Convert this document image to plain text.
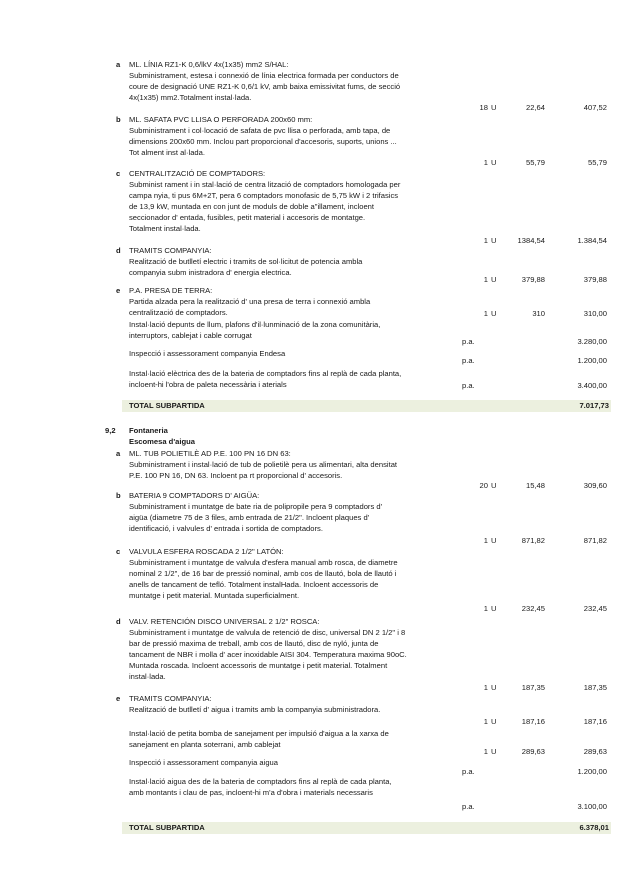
a	ML. LÍNIA RZ1-K 0,6/lkV 4x(1x35) mm2 S/HAL:
Subministrament, estesa i connexió de línia electrica formada per conductors de
coure de designació UNE RZ1-K 0,6/1 kV, amb baixa emissivitat fums, de secció
4x(1x35) mm2.Totalment instal·lada.
18 U	22,64	407,52
b	ML. SAFATA PVC LLISA O PERFORADA 200x60 mm:
Subministrament i col·locació de safata de pvc llisa o perforada, amb tapa, de
dimensions 200x60 mm. Inclou part proporcional d'accesoris, suports, unions ...
Tot alment inst al·lada.
1 U	55,79	55,79
c	CENTRALITZACIÓ DE COMPTADORS:
Subminist rament i in stal·lació de centra lització de comptadors homologada per
campa nyia, ti pus 6M+2T, pera 6 comptadors monofasic de 5,75 kW i 2 trifasics
de 13,9 kW, muntada en con junt de moduls de doble a"illament, incloent
seccionador d' entada, fusibles, petit material i accesoris de montatge.
Totalment instal·lada.
1 U	1384,54	1.384,54
d	TRAMITS COMPANYIA:
Realització de butlletí electric i tramits de sol·licitut de potencia ambla
companyia subm inistradora d' energia electrica.
1 U	379,88	379,88
e	P.A. PRESA DE TERRA:
Partida alzada pera la realització d' una presa de terra i connexió ambla
centralització de comptadors.	1 U	310	310,00
Instal·lació depunts de llum, plafons d'il·lunminació de la zona comunitària,
interruptors, cablejat i cable corrugat
p.a.	3.280,00
Inspecció i assessorament companyia Endesa
p.a.	1.200,00
Instal·lació elèctrica des de la bateria de comptadors fins al replà de cada planta,
incloent-hi l'obra de paleta necessària i aterials	p.a.	3.400,00
TOTAL SUBPARTIDA	7.017,73
9,2 Fontaneria
Escomesa d'aigua
a	ML. TUB POLIETILÈ AD P.E. 100 PN 16 DN 63:
Subministrament i instal·lació de tub de polietilè pera us alimentari, alta densitat
P.E. 100 PN 16, DN 63. Incloent pa rt proporcional d' accesoris.
20 U	15,48	309,60
b	BATERIA 9 COMPTADORS D' AIGÜA:
Subministrament i muntatge de bate ria de polipropile pera 9 comptadors d'
aigüa (diametre 75 de 3 files, amb entrada de 21/2". Incloent plaques d'
identificació, i valvules d' entrada i sortida de comptadors.
1 U	871,82	871,82
c	VALVULA ESFERA ROSCADA 2 1/2" LATÓN:
Subministrament i muntatge de valvula d'esfera manual amb rosca, de diametre
nominal 2 1/2", de 16 bar de pressió nominal, amb cos de llautó, bola de llautó i
anells de tancament de tefló. Totalment instalHada. Incloent accessoris de
muntatge i petit material. Muntada superficialment.
1 U	232,45	232,45
d	VALV. RETENCIÓN DISCO UNIVERSAL 2 1/2" ROSCA:
Subministrament i muntatge de valvula de retenció de disc, universal DN 2 1/2" i 8
bar de pressió maxima de treball, amb cos de llautó, disc de nyló, junta de
tancament de NBR i molla d' acer inoxidable AISI 304. Temperatura maxima 90oC.
Muntada roscada. Incloent accessoris de muntatge i petit material. Totalment
instal·lada.
1 U	187,35	187,35
e	TRAMITS COMPANYIA:
Realització de butlletí d' aigua i tramits amb la companyia subministradora.
1 U	187,16	187,16
Instal·lació de petita bomba de sanejament per impulsió d'aigua a la xarxa de
sanejament en planta soterrani, amb cablejat
1 U	289,63	289,63
Inspecció i assessorament companyia aigua
p.a.	1.200,00
Instal·lació aigua des de la bateria de comptadors fins al replà de cada planta,
amb montants i clau de pas, incloent-hi m'a d'obra i materials necessaris
p.a.	3.100,00
TOTAL SUBPARTIDA	6.378,01
